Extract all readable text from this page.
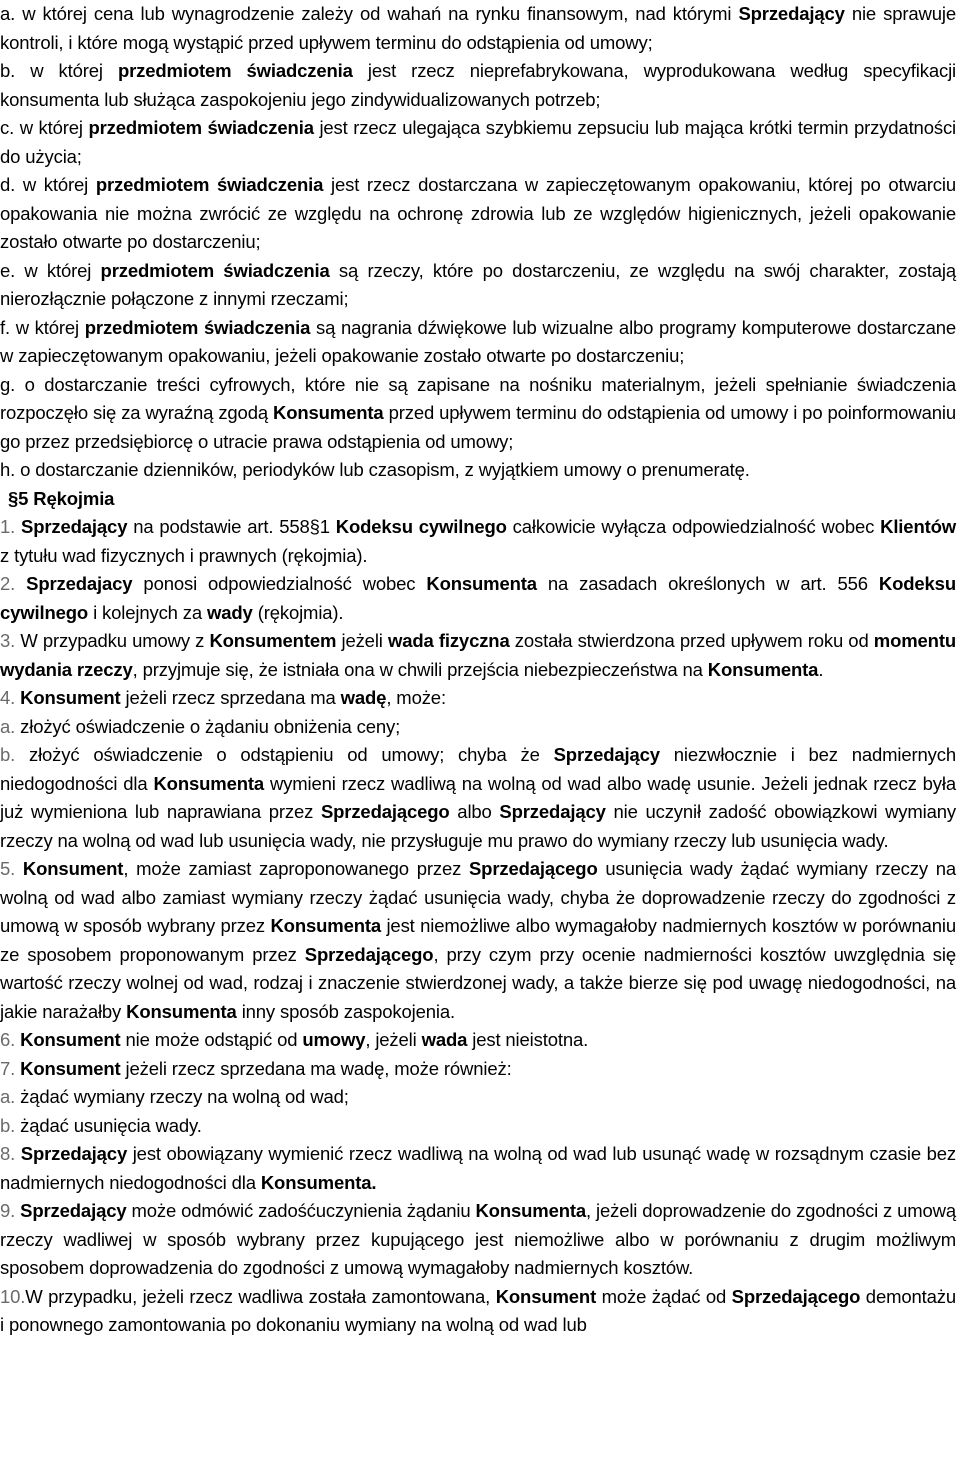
a. w której cena lub wynagrodzenie zależy od wahań na rynku finansowym, nad którymi Sprzedający nie sprawuje kontroli, i które mogą wystąpić przed upływem terminu do odstąpienia od umowy;
b. w której przedmiotem świadczenia jest rzecz nieprefabrykowana, wyprodukowana według specyfikacji konsumenta lub służąca zaspokojeniu jego zindywidualizowanych potrzeb;
c. w której przedmiotem świadczenia jest rzecz ulegająca szybkiemu zepsuciu lub mająca krótki termin przydatności do użycia;
d. w której przedmiotem świadczenia jest rzecz dostarczana w zapieczętowanym opakowaniu, której po otwarciu opakowania nie można zwrócić ze względu na ochronę zdrowia lub ze względów higienicznych, jeżeli opakowanie zostało otwarte po dostarczeniu;
e. w której przedmiotem świadczenia są rzeczy, które po dostarczeniu, ze względu na swój charakter, zostają nierozłącznie połączone z innymi rzeczami;
f. w której przedmiotem świadczenia są nagrania dźwiękowe lub wizualne albo programy komputerowe dostarczane w zapieczętowanym opakowaniu, jeżeli opakowanie zostało otwarte po dostarczeniu;
g. o dostarczanie treści cyfrowych, które nie są zapisane na nośniku materialnym, jeżeli spełnianie świadczenia rozpoczęło się za wyraźną zgodą Konsumenta przed upływem terminu do odstąpienia od umowy i po poinformowaniu go przez przedsiębiorcę o utracie prawa odstąpienia od umowy;
h. o dostarczanie dzienników, periodyków lub czasopism, z wyjątkiem umowy o prenumeratę.
§5 Rękojmia
1. Sprzedający na podstawie art. 558§1 Kodeksu cywilnego całkowicie wyłącza odpowiedzialność wobec Klientów z tytułu wad fizycznych i prawnych (rękojmia).
2. Sprzedajacy ponosi odpowiedzialność wobec Konsumenta na zasadach określonych w art. 556 Kodeksu cywilnego i kolejnych za wady (rękojmia).
3. W przypadku umowy z Konsumentem jeżeli wada fizyczna została stwierdzona przed upływem roku od momentu wydania rzeczy, przyjmuje się, że istniała ona w chwili przejścia niebezpieczeństwa na Konsumenta.
4. Konsument jeżeli rzecz sprzedana ma wadę, może:
a. złożyć oświadczenie o żądaniu obniżenia ceny;
b. złożyć oświadczenie o odstąpieniu od umowy; chyba że Sprzedający niezwłocznie i bez nadmiernych niedogodności dla Konsumenta wymieni rzecz wadliwą na wolną od wad albo wadę usunie. Jeżeli jednak rzecz była już wymieniona lub naprawiana przez Sprzedającego albo Sprzedający nie uczynił zadość obowiązkowi wymiany rzeczy na wolną od wad lub usunięcia wady, nie przysługuje mu prawo do wymiany rzeczy lub usunięcia wady.
5. Konsument, może zamiast zaproponowanego przez Sprzedającego usunięcia wady żądać wymiany rzeczy na wolną od wad albo zamiast wymiany rzeczy żądać usunięcia wady, chyba że doprowadzenie rzeczy do zgodności z umową w sposób wybrany przez Konsumenta jest niemożliwe albo wymagałoby nadmiernych kosztów w porównaniu ze sposobem proponowanym przez Sprzedającego, przy czym przy ocenie nadmierności kosztów uwzględnia się wartość rzeczy wolnej od wad, rodzaj i znaczenie stwierdzonej wady, a także bierze się pod uwagę niedogodności, na jakie narażałby Konsumenta inny sposób zaspokojenia.
6. Konsument nie może odstąpić od umowy, jeżeli wada jest nieistotna.
7. Konsument jeżeli rzecz sprzedana ma wadę, może również:
a. żądać wymiany rzeczy na wolną od wad;
b. żądać usunięcia wady.
8. Sprzedający jest obowiązany wymienić rzecz wadliwą na wolną od wad lub usunąć wadę w rozsądnym czasie bez nadmiernych niedogodności dla Konsumenta.
9. Sprzedający może odmówić zadośćuczynienia żądaniu Konsumenta, jeżeli doprowadzenie do zgodności z umową rzeczy wadliwej w sposób wybrany przez kupującego jest niemożliwe albo w porównaniu z drugim możliwym sposobem doprowadzenia do zgodności z umową wymagałoby nadmiernych kosztów.
10.W przypadku, jeżeli rzecz wadliwa została zamontowana, Konsument może żądać od Sprzedającego demontażu i ponownego zamontowania po dokonaniu wymiany na wolną od wad lub
